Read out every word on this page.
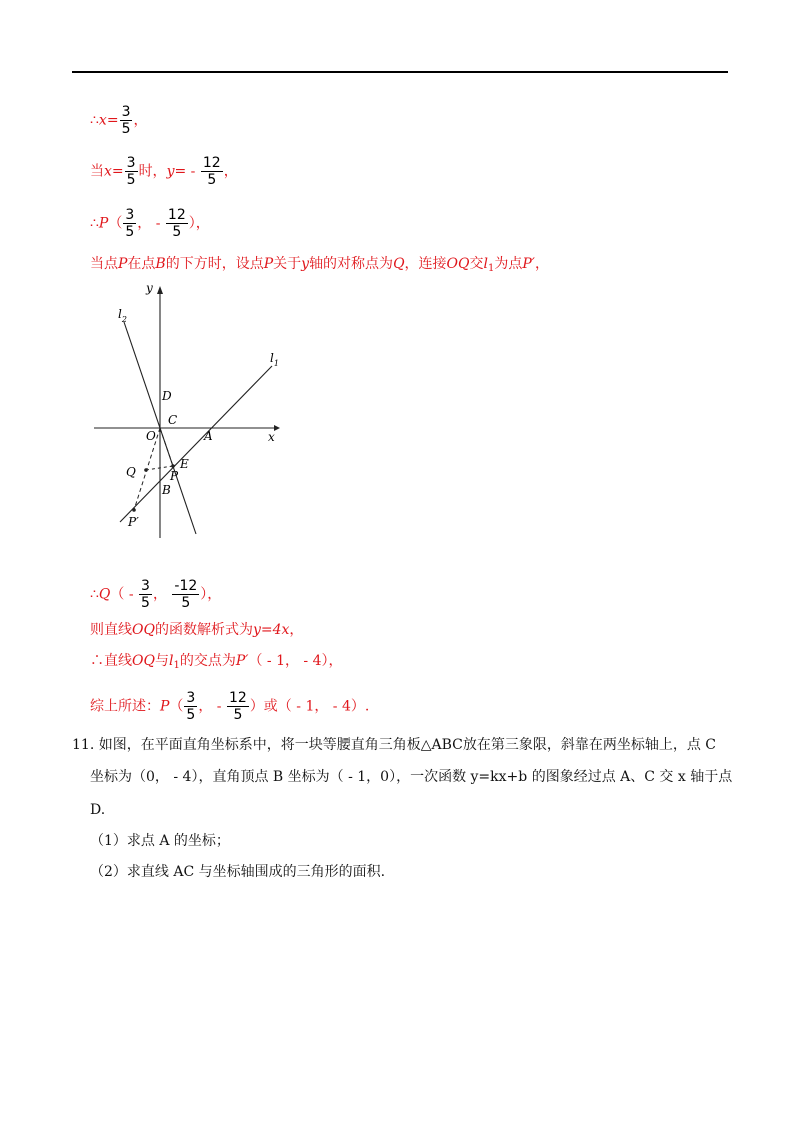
∴x= $\frac{3}{5}$ ，
当$x= \frac{3}{5}$ 时，$y= - \frac{12}{5}$ ，
∴P（ $\frac{3}{5}$ ， - $\frac{12}{5}$ ），
当点P在点B的下方时，设点P关于y轴的对称点为Q，连接OQ交$l_1$为点P′，
y
x
$l_1$
$l_2$
D
C
O	A
Q
E
P
B
P′
∴Q（ - $\frac{3}{5}$ ， $\frac{-12}{5}$ ），
则直线OQ的函数解析式为y=4x，
∴直线OQ与$l_1$的交点为P′（ - 1， - 4），
综上所述：$P( \frac{3}{5}$ ， - $\frac{12}{5}$ ）或（ - 1， - 4）.
11. 如图，在平面直角坐标系中，将一块等腰直角三角板△ABC放在第三象限，斜靠在两坐标轴上，点 C
坐标为（0， - 4），直角顶点 B 坐标为（ - 1，0），一次函数 y=kx+b 的图象经过点 A、C 交 x 轴于点
D.
（1）求点 A 的坐标；
（2）求直线 AC 与坐标轴围成的三角形的面积.
